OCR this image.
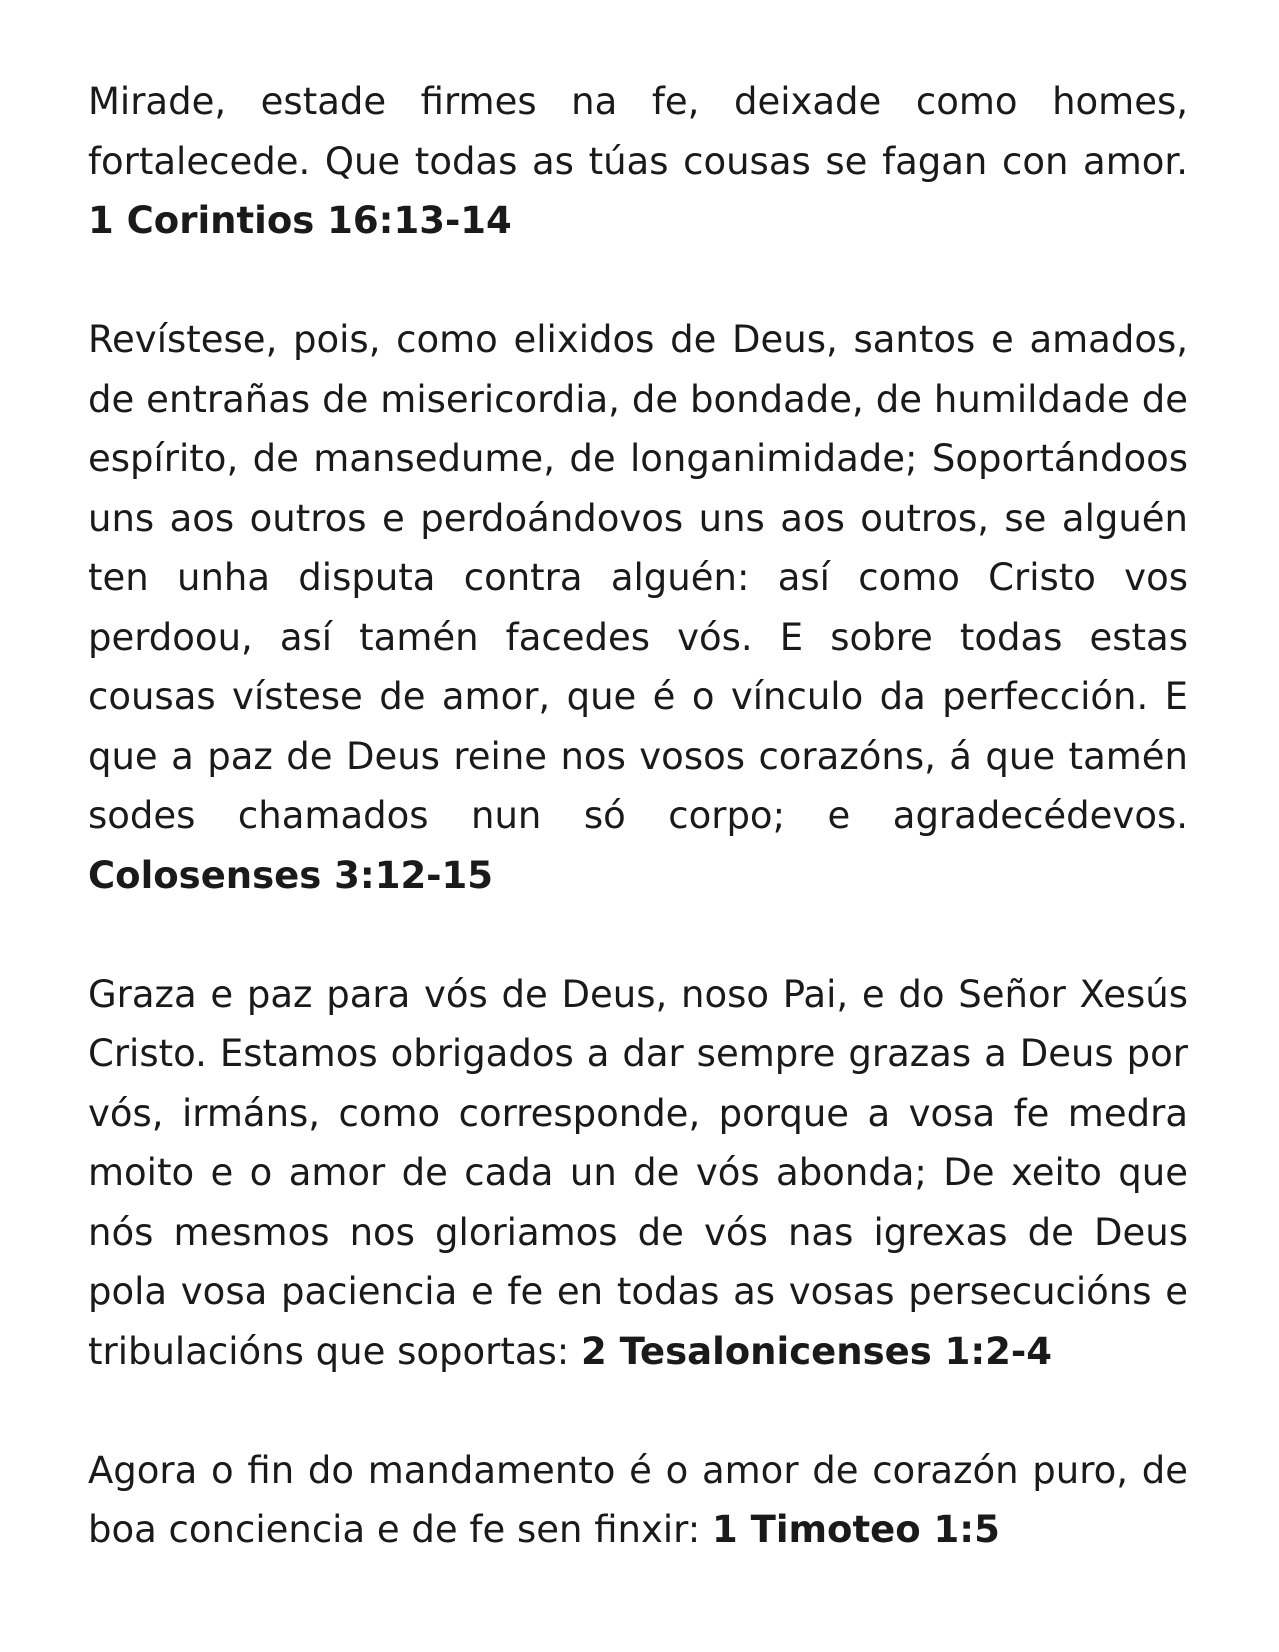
Mirade, estade firmes na fe, deixade como homes, fortalecede. Que todas as túas cousas se fagan con amor. 1 Corintios 16:13-14

Revístese, pois, como elixidos de Deus, santos e amados, de entrañas de misericordia, de bondade, de humildade de espírito, de mansedume, de longanimidade; Soportándoos uns aos outros e perdoándovos uns aos outros, se alguén ten unha disputa contra alguén: así como Cristo vos perdoou, así tamén facedes vós. E sobre todas estas cousas vístese de amor, que é o vínculo da perfección. E que a paz de Deus reine nos vosos corazóns, á que tamén sodes chamados nun só corpo; e agradecédevos. Colosenses 3:12-15

Graza e paz para vós de Deus, noso Pai, e do Señor Xesús Cristo. Estamos obrigados a dar sempre grazas a Deus por vós, irmáns, como corresponde, porque a vosa fe medra moito e o amor de cada un de vós abonda; De xeito que nós mesmos nos gloriamos de vós nas igrexas de Deus pola vosa paciencia e fe en todas as vosas persecucións e tribulacións que soportas: 2 Tesalonicenses 1:2-4

Agora o fin do mandamento é o amor de corazón puro, de boa conciencia e de fe sen finxir: 1 Timoteo 1:5
